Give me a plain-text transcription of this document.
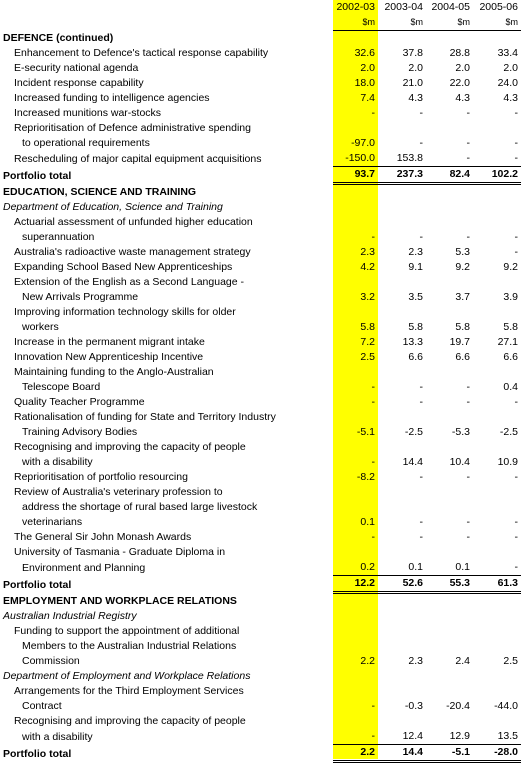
	2002-03	2003-04	2004-05	2005-06
	$m	$m	$m	$m
DEFENCE (continued)				
Enhancement to Defence's tactical response capability	32.6	37.8	28.8	33.4
E-security national agenda	2.0	2.0	2.0	2.0
Incident response capability	18.0	21.0	22.0	24.0
Increased funding to intelligence agencies	7.4	4.3	4.3	4.3
Increased munitions war-stocks	-	-	-	-
Reprioritisation of Defence administrative spending				
to operational requirements	-97.0	-	-	-
Rescheduling of major capital equipment acquisitions	-150.0	153.8	-	-
Portfolio total	93.7	237.3	82.4	102.2
EDUCATION, SCIENCE AND TRAINING				
Department of Education, Science and Training				
Actuarial assessment of unfunded higher education				
superannuation	-	-	-	-
Australia's radioactive waste management strategy	2.3	2.3	5.3	-
Expanding School Based New Apprenticeships	4.2	9.1	9.2	9.2
Extension of the English as a Second Language -				
New Arrivals Programme	3.2	3.5	3.7	3.9
Improving information technology skills for older				
workers	5.8	5.8	5.8	5.8
Increase in the permanent migrant intake	7.2	13.3	19.7	27.1
Innovation New Apprenticeship Incentive	2.5	6.6	6.6	6.6
Maintaining funding to the Anglo-Australian				
Telescope Board	-	-	-	0.4
Quality Teacher Programme	-	-	-	-
Rationalisation of funding for State and Territory Industry				
Training Advisory Bodies	-5.1	-2.5	-5.3	-2.5
Recognising and improving the capacity of people				
with a disability	-	14.4	10.4	10.9
Reprioritisation of portfolio resourcing	-8.2	-	-	-
Review of Australia's veterinary profession to				
address the shortage of rural based large livestock				
veterinarians	0.1	-	-	-
The General Sir John Monash Awards	-	-	-	-
University of Tasmania - Graduate Diploma in				
Environment and Planning	0.2	0.1	0.1	-
Portfolio total	12.2	52.6	55.3	61.3
EMPLOYMENT AND WORKPLACE RELATIONS				
Australian Industrial Registry				
Funding to support the appointment of additional				
Members to the Australian Industrial Relations				
Commission	2.2	2.3	2.4	2.5
Department of Employment and Workplace Relations				
Arrangements for the Third Employment Services				
Contract	-	-0.3	-20.4	-44.0
Recognising and improving the capacity of people				
with a disability	-	12.4	12.9	13.5
Portfolio total	2.2	14.4	-5.1	-28.0
